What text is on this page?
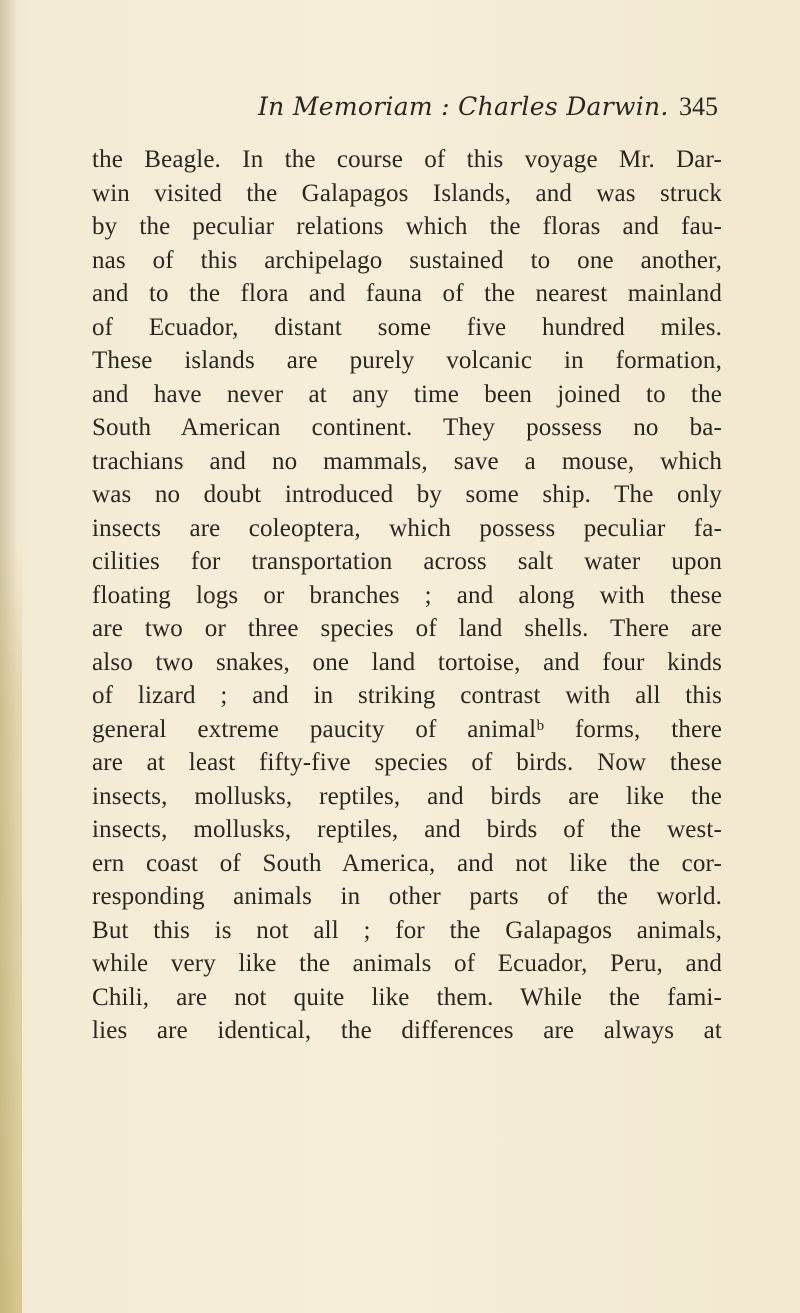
In Memoriam : Charles Darwin. 345
the Beagle. In the course of this voyage Mr. Dar-
win visited the Galapagos Islands, and was struck
by the peculiar relations which the floras and fau-
nas of this archipelago sustained to one another,
and to the flora and fauna of the nearest mainland
of Ecuador, distant some five hundred miles.
These islands are purely volcanic in formation,
and have never at any time been joined to the
South American continent. They possess no ba-
trachians and no mammals, save a mouse, which
was no doubt introduced by some ship. The only
insects are coleoptera, which possess peculiar fa-
cilities for transportation across salt water upon
floating logs or branches ; and along with these
are two or three species of land shells. There are
also two snakes, one land tortoise, and four kinds
of lizard ; and in striking contrast with all this
general extreme paucity of animalᵇ forms, there
are at least fifty-five species of birds. Now these
insects, mollusks, reptiles, and birds are like the
insects, mollusks, reptiles, and birds of the west-
ern coast of South America, and not like the cor-
responding animals in other parts of the world.
But this is not all ; for the Galapagos animals,
while very like the animals of Ecuador, Peru, and
Chili, are not quite like them. While the fami-
lies are identical, the differences are always at
